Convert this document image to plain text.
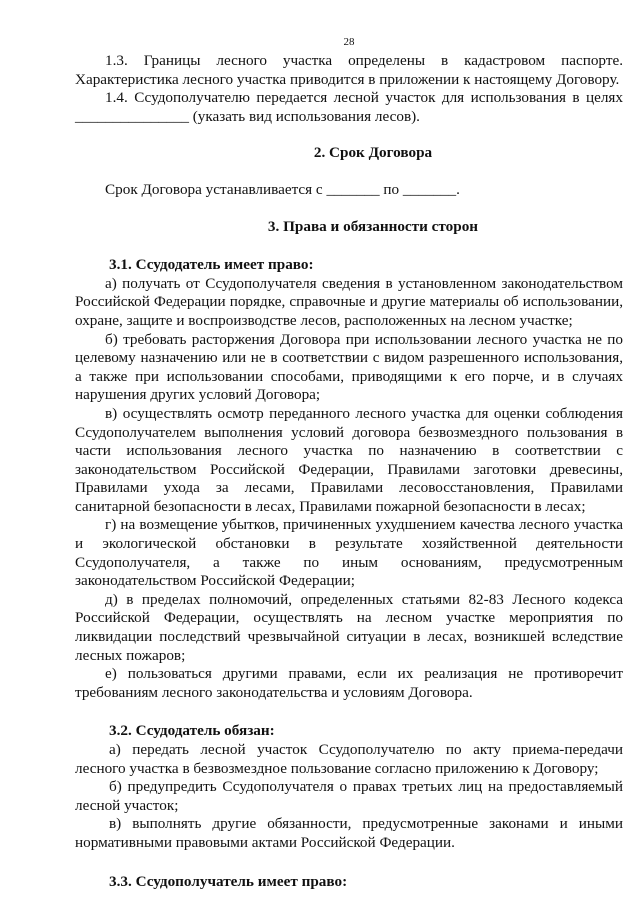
28

1.3. Границы лесного участка определены в кадастровом паспорте. Характеристика лесного участка приводится в приложении к настоящему Договору.

1.4. Ссудополучателю передается лесной участок для использования в целях _______________ (указать вид использования лесов).

2. Срок Договора

Срок Договора устанавливается с _______ по _______.

3. Права и обязанности сторон

3.1. Ссудодатель имеет право:

а) получать от Ссудополучателя сведения в установленном законодательством Российской Федерации порядке, справочные и другие материалы об использовании, охране, защите и воспроизводстве лесов, расположенных на лесном участке;

б) требовать расторжения Договора при использовании лесного участка не по целевому назначению или не в соответствии с видом разрешенного использования, а также при использовании способами, приводящими к его порче, и в случаях нарушения других условий Договора;

в) осуществлять осмотр переданного лесного участка для оценки соблюдения Ссудополучателем выполнения условий договора безвозмездного пользования в части использования лесного участка по назначению в соответствии с законодательством Российской Федерации, Правилами заготовки древесины, Правилами ухода за лесами, Правилами лесовосстановления, Правилами санитарной безопасности в лесах, Правилами пожарной безопасности в лесах;

г) на возмещение убытков, причиненных ухудшением качества лесного участка и экологической обстановки в результате хозяйственной деятельности Ссудополучателя, а также по иным основаниям, предусмотренным законодательством Российской Федерации;

д) в пределах полномочий, определенных статьями 82-83 Лесного кодекса Российской Федерации, осуществлять на лесном участке мероприятия по ликвидации последствий чрезвычайной ситуации в лесах, возникшей вследствие лесных пожаров;

е) пользоваться другими правами, если их реализация не противоречит требованиям лесного законодательства и условиям Договора.

3.2. Ссудодатель обязан:

а) передать лесной участок Ссудополучателю по акту приема-передачи лесного участка в безвозмездное пользование согласно приложению к Договору;

б) предупредить Ссудополучателя о правах третьих лиц на предоставляемый лесной участок;

в) выполнять другие обязанности, предусмотренные законами и иными нормативными правовыми актами Российской Федерации.

3.3. Ссудополучатель имеет право:
